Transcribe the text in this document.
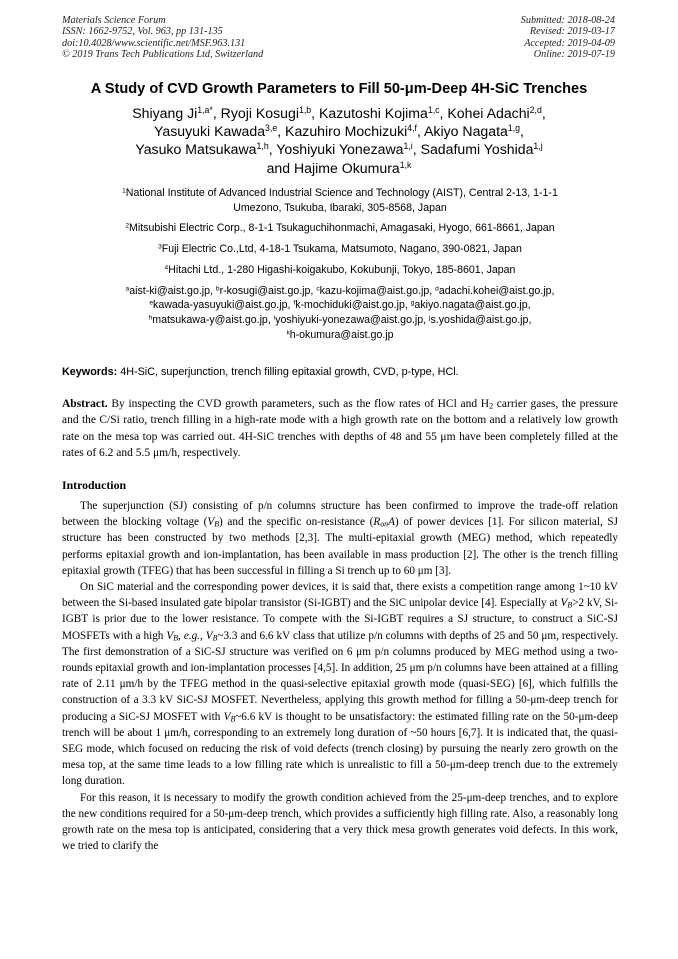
Materials Science Forum
ISSN: 1662-9752, Vol. 963, pp 131-135
doi:10.4028/www.scientific.net/MSF.963.131
© 2019 Trans Tech Publications Ltd, Switzerland
Submitted: 2018-08-24
Revised: 2019-03-17
Accepted: 2019-04-09
Online: 2019-07-19
A Study of CVD Growth Parameters to Fill 50-μm-Deep 4H-SiC Trenches
Shiyang $Ji^{1,a*}$, Ryoji Kosugi$^{1,b}$, Kazutoshi Kojima$^{1,c}$, Kohei Adachi$^{2,d}$,
Yasuyuki Kawada$^{3,e}$, Kazuhiro Mochizuki$^{4,f}$, Akiyo Nagata$^{1,g}$,
Yasuko Matsukawa$^{1,h}$, Yoshiyuki Yonezawa$^{1,i}$, Sadafumi Yoshida$^{1,j}$
and Hajime Okumura$^{1,k}$
$^1$National Institute of Advanced Industrial Science and Technology (AIST), Central 2-13, 1-1-1
Umezono, Tsukuba, Ibaraki, 305-8568, Japan
$^2$Mitsubishi Electric Corp., 8-1-1 Tsukaguchihonmachi, Amagasaki, Hyogo, 661-8661, Japan
$^3$Fuji Electric Co.,Ltd, 4-18-1 Tsukama, Matsumoto, Nagano, 390-0821, Japan
$^4$Hitachi Ltd., 1-280 Higashi-koigakubo, Kokubunji, Tokyo, 185-8601, Japan
$^a$aist-ki@aist.go.jp, $^b$r-kosugi@aist.go.jp, $^c$kazu-kojima@aist.go.jp, $^d$adachi.kohei@aist.go.jp,
$^e$kawada-yasuyuki@aist.go.jp, $^f$k-mochiduki@aist.go.jp, $^g$akiyo.nagata@aist.go.jp,
$^h$matsukawa-y@aist.go.jp, $^i$yoshiyuki-yonezawa@aist.go.jp, $^j$s.yoshida@aist.go.jp,
$^k$h-okumura@aist.go.jp
Keywords: 4H-SiC, superjunction, trench filling epitaxial growth, CVD, p-type, HCl.
Abstract. By inspecting the CVD growth parameters, such as the flow rates of HCl and $H_2$ carrier gases, the pressure and the C/Si ratio, trench filling in a high-rate mode with a high growth rate on the bottom and a relatively low growth rate on the mesa top was carried out. 4H-SiC trenches with depths of 48 and 55 μm have been completely filled at the rates of 6.2 and 5.5 μm/h, respectively.
Introduction

The superjunction (SJ) consisting of p/n columns structure has been confirmed to improve the trade-off relation between the blocking voltage $(V_B)$ and the specific on-resistance $(R_{on}A)$ of power devices [1]. For silicon material, SJ structure has been constructed by two methods [2,3]. The multi-epitaxial growth (MEG) method, which repeatedly performs epitaxial growth and ion-implantation, has been available in mass production [2]. The other is the trench filling epitaxial growth (TFEG) that has been successful in filling a Si trench up to 60 μm [3].

On SiC material and the corresponding power devices, it is said that, there exists a competition range among 1~10 kV between the Si-based insulated gate bipolar transistor (Si-IGBT) and the SiC unipolar device [4]. Especially at $V_B>2$ kV, Si-IGBT is prior due to the lower resistance. To compete with the Si-IGBT requires a SJ structure, to construct a SiC-SJ MOSFETs with a high $V_B$, e.g., $V_B\sim 3.3$ and 6.6 kV class that utilize p/n columns with depths of 25 and 50 μm, respectively. The first demonstration of a SiC-SJ structure was verified on 6 μm p/n columns produced by MEG method using a two-rounds epitaxial growth and ion-implantation processes [4,5]. In addition, 25 μm p/n columns have been attained at a filling rate of 2.11 μm/h by the TFEG method in the quasi-selective epitaxial growth mode (quasi-SEG) [6], which fulfills the construction of a 3.3 kV SiC-SJ MOSFET. Nevertheless, applying this growth method for filling a 50-μm-deep trench for producing a SiC-SJ MOSFET with $V_B\sim 6.6$ kV is thought to be unsatisfactory: the estimated filling rate on the 50-μm-deep trench will be about 1 μm/h, corresponding to an extremely long duration of ~50 hours [6,7]. It is indicated that, the quasi-SEG mode, which focused on reducing the risk of void defects (trench closing) by pursuing the nearly zero growth on the mesa top, at the same time leads to a low filling rate which is unrealistic to fill a 50-μm-deep trench due to the extremely long duration.

For this reason, it is necessary to modify the growth condition achieved from the 25-μm-deep trenches, and to explore the new conditions required for a 50-μm-deep trench, which provides a sufficiently high filling rate. Also, a reasonably long growth rate on the mesa top is anticipated, considering that a very thick mesa growth generates void defects. In this work, we tried to clarify the
